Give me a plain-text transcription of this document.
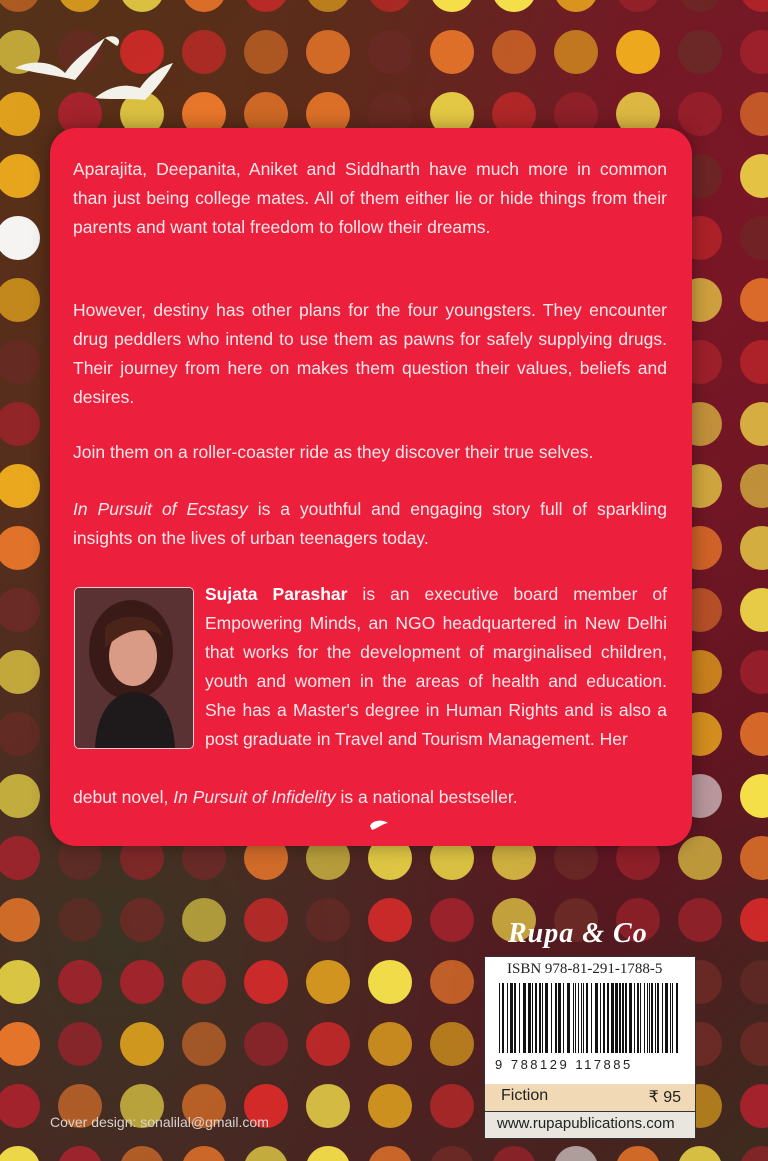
Aparajita, Deepanita, Aniket and Siddharth have much more in common than just being college mates. All of them either lie or hide things from their parents and want total freedom to follow their dreams.

However, destiny has other plans for the four youngsters. They encounter drug peddlers who intend to use them as pawns for safely supplying drugs. Their journey from here on makes them question their values, beliefs and desires.

Join them on a roller-coaster ride as they discover their true selves.

In Pursuit of Ecstasy is a youthful and engaging story full of sparkling insights on the lives of urban teenagers today.

Sujata Parashar is an executive board member of Empowering Minds, an NGO headquartered in New Delhi that works for the development of marginalised children, youth and women in the areas of health and education. She has a Master's degree in Human Rights and is also a post graduate in Travel and Tourism Management. Her

debut novel, In Pursuit of Infidelity is a national bestseller.

Rupa & Co
ISBN 978-81-291-1788-5
9 788129 117885
Fiction	₹ 95
www.rupapublications.com
Cover design: sonalilal@gmail.com
